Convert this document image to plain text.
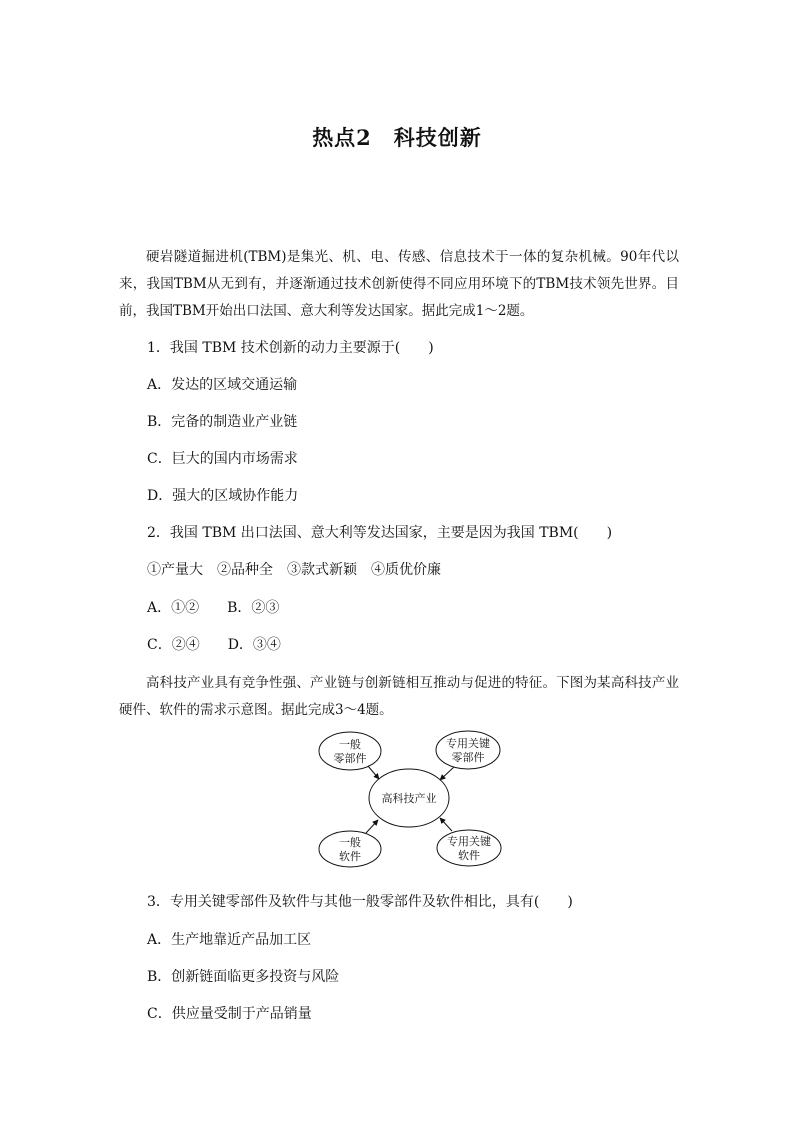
热点2　科技创新
硬岩隧道掘进机(TBM)是集光、机、电、传感、信息技术于一体的复杂机械。90年代以来，我国TBM从无到有，并逐渐通过技术创新使得不同应用环境下的TBM技术领先世界。目前，我国TBM开始出口法国、意大利等发达国家。据此完成1～2题。
1．我国 TBM 技术创新的动力主要源于(　　)
A．发达的区域交通运输
B．完备的制造业产业链
C．巨大的国内市场需求
D．强大的区域协作能力
2．我国 TBM 出口法国、意大利等发达国家，主要是因为我国 TBM(　　)
①产量大　②品种全　③款式新颖　④质优价廉
A．①②　　B．②③
C．②④　　D．③④
高科技产业具有竞争性强、产业链与创新链相互推动与促进的特征。下图为某高科技产业硬件、软件的需求示意图。据此完成3～4题。
高科技产业
一般
零部件
专用关键
零部件
一般
软件
专用关键
软件
3．专用关键零部件及软件与其他一般零部件及软件相比，具有(　　)
A．生产地靠近产品加工区
B．创新链面临更多投资与风险
C．供应量受制于产品销量
